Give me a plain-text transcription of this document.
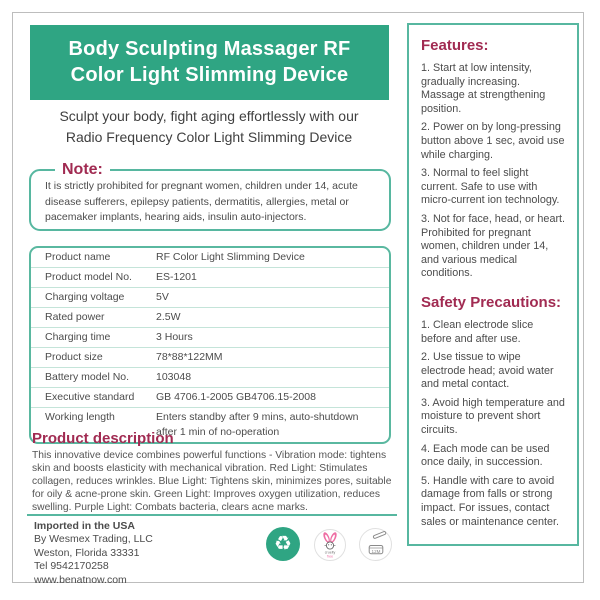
Body Sculpting Massager RF
Color Light Slimming Device
Sculpt your body, fight aging effortlessly with our
Radio Frequency Color Light Slimming Device
Note:
It is strictly prohibited for pregnant women, children under 14, acute disease sufferers, epilepsy patients, dermatitis, allergies, metal or pacemaker implants, hearing aids, insulin auto-injectors.
Product name	RF Color Light Slimming Device
Product model No.	ES-1201
Charging voltage	5V
Rated power	2.5W
Charging time	3 Hours
Product size	78*88*122MM
Battery model No.	103048
Executive standard	GB 4706.1-2005 GB4706.15-2008
Working length	Enters standby after 9 mins, auto-shutdown after 1 min of no-operation
Product description
This innovative device combines powerful functions - Vibration mode: tightens skin and boosts elasticity with mechanical vibration. Red Light: Stimulates collagen, reduces wrinkles. Blue Light: Tightens skin, minimizes pores, suitable for oily & acne-prone skin. Green Light: Improves oxygen utilization, reduces swelling. Purple Light: Combats bacteria, clears acne marks.
Imported in the USA
By Wesmex Trading, LLC
Weston, Florida 33331
Tel 9542170258
www.benatnow.com
♻	cruelty
free
12M
Features:

1. Start at low intensity, gradually increasing. Massage at strengthening position.

2. Power on by long-pressing button above 1 sec, avoid use while charging.

3. Normal to feel slight current. Safe to use with micro-current ion technology.

3. Not for face, head, or heart. Prohibited for pregnant women, children under 14, and various medical conditions.

Safety Precautions:

1. Clean electrode slice before and after use.

2. Use tissue to wipe electrode head; avoid water and metal contact.

3. Avoid high temperature and moisture to prevent short circuits.

4. Each mode can be used once daily, in succession.

5. Handle with care to avoid damage from falls or strong impact. For issues, contact sales or maintenance center.
